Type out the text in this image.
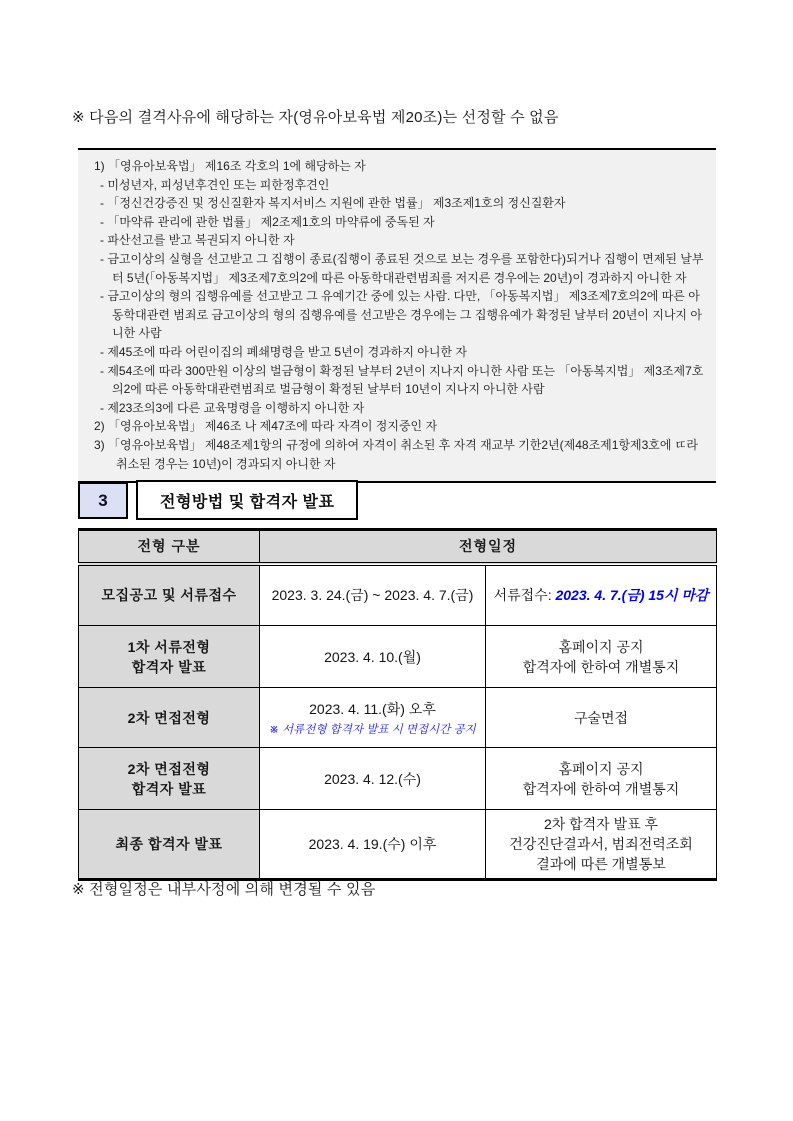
※ 다음의 결격사유에 해당하는 자(영유아보육법 제20조)는 선정할 수 없음
1) 「영유아보육법」 제16조 각호의 1에 해당하는 자
- 미성년자, 피성년후견인 또는 피한정후견인
- 「정신건강증진 및 정신질환자 복지서비스 지원에 관한 법률」 제3조제1호의 정신질환자
- 「마약류 관리에 관한 법률」 제2조제1호의 마약류에 중독된 자
- 파산선고를 받고 복권되지 아니한 자
- 금고이상의 실형을 선고받고 그 집행이 종료(집행이 종료된 것으로 보는 경우를 포함한다)되거나 집행이 면제된 날부터 5년(「아동복지법」 제3조제7호의2에 따른 아동학대관련범죄를 저지른 경우에는 20년)이 경과하지 아니한 자
- 금고이상의 형의 집행유예를 선고받고 그 유예기간 중에 있는 사람. 다만, 「아동복지법」 제3조제7호의2에 따른 아동학대관련 범죄로 금고이상의 형의 집행유예를 선고받은 경우에는 그 집행유예가 확정된 날부터 20년이 지나지 아니한 사람
- 제45조에 따라 어린이집의 폐쇄명령을 받고 5년이 경과하지 아니한 자
- 제54조에 따라 300만원 이상의 벌금형이 확정된 날부터 2년이 지나지 아니한 사람 또는 「아동복지법」 제3조제7호의2에 따른 아동학대관련범죄로 벌금형이 확정된 날부터 10년이 지나지 아니한 사람
- 제23조의3에 다른 교육명령을 이행하지 아니한 자
2) 「영유아보육법」 제46조 나 제47조에 따라 자격이 정지중인 자
3) 「영유아보육법」 제48조제1항의 규정에 의하여 자격이 취소된 후 자격 재교부 기한2년(제48조제1항제3호에 ㄸ라 취소된 경우는 10년)이 경과되지 아니한 자
3	전형방법 및 합격자 발표
전형 구분	전형일정	
모집공고 및 서류접수	2023. 3. 24.(금) ~ 2023. 4. 7.(금)	서류접수: 2023. 4. 7.(금) 15시 마감

1차 서류전형
합격자 발표	2023. 4. 10.(월)	홈페이지 공지
합격자에 한하여 개별통지

2차 면접전형	2023. 4. 11.(화) 오후
※ 서류전형 합격자 발표 시 면접시간 공지	구술면접

2차 면접전형
합격자 발표	2023. 4. 12.(수)	홈페이지 공지
합격자에 한하여 개별통지

최종 합격자 발표	2023. 4. 19.(수) 이후	2차 합격자 발표 후
건강진단결과서, 범죄전력조회
결과에 따른 개별통보
※ 전형일정은 내부사정에 의해 변경될 수 있음
